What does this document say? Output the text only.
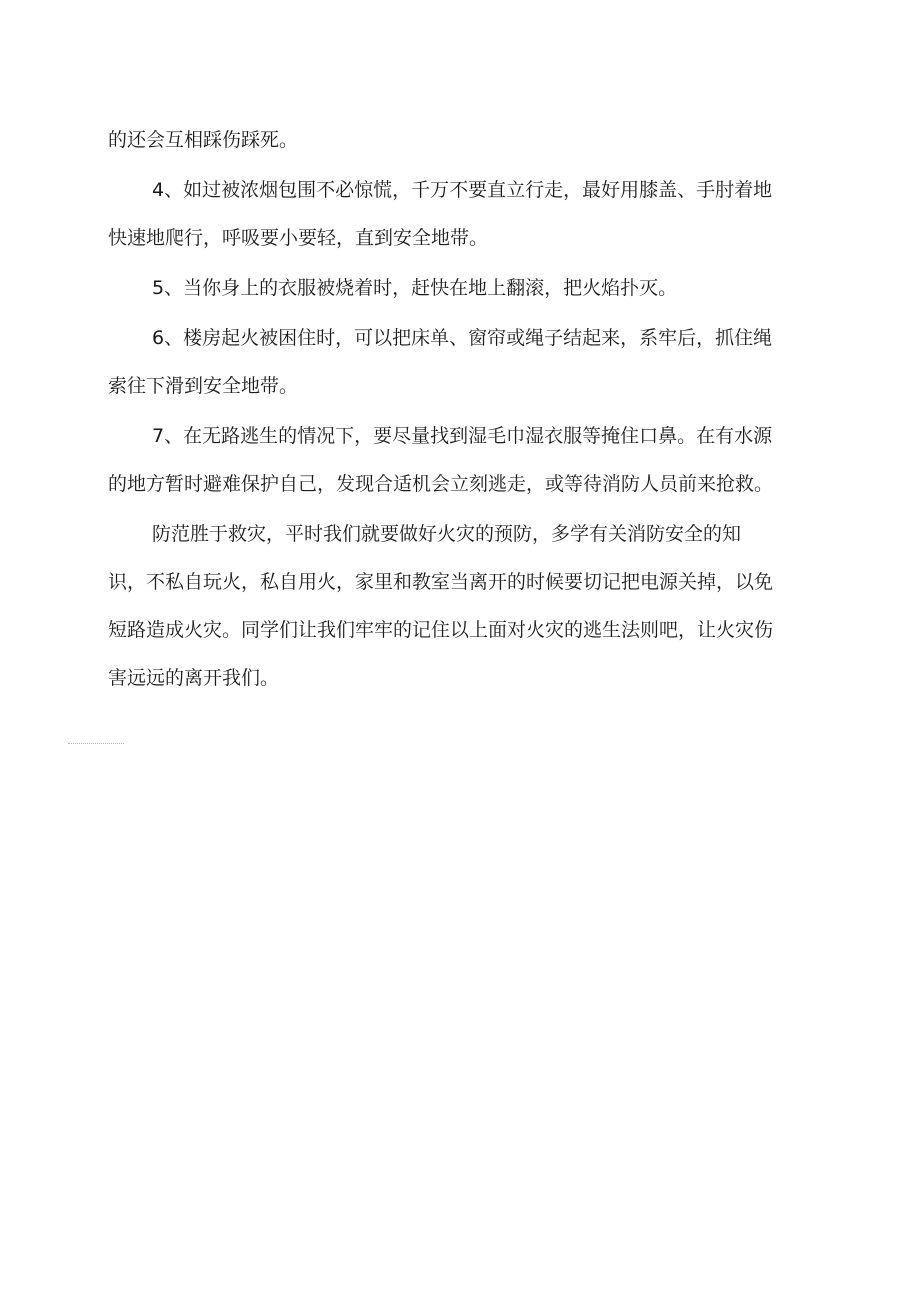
的还会互相踩伤踩死。

4、如过被浓烟包围不必惊慌，千万不要直立行走，最好用膝盖、手肘着地快速地爬行，呼吸要小要轻，直到安全地带。

5、当你身上的衣服被烧着时，赶快在地上翻滚，把火焰扑灭。

6、楼房起火被困住时，可以把床单、窗帘或绳子结起来，系牢后，抓住绳索往下滑到安全地带。

7、在无路逃生的情况下，要尽量找到湿毛巾湿衣服等掩住口鼻。在有水源的地方暂时避难保护自己，发现合适机会立刻逃走，或等待消防人员前来抢救。

防范胜于救灾，平时我们就要做好火灾的预防，多学有关消防安全的知识，不私自玩火，私自用火，家里和教室当离开的时候要切记把电源关掉，以免短路造成火灾。同学们让我们牢牢的记住以上面对火灾的逃生法则吧，让火灾伤害远远的离开我们。
